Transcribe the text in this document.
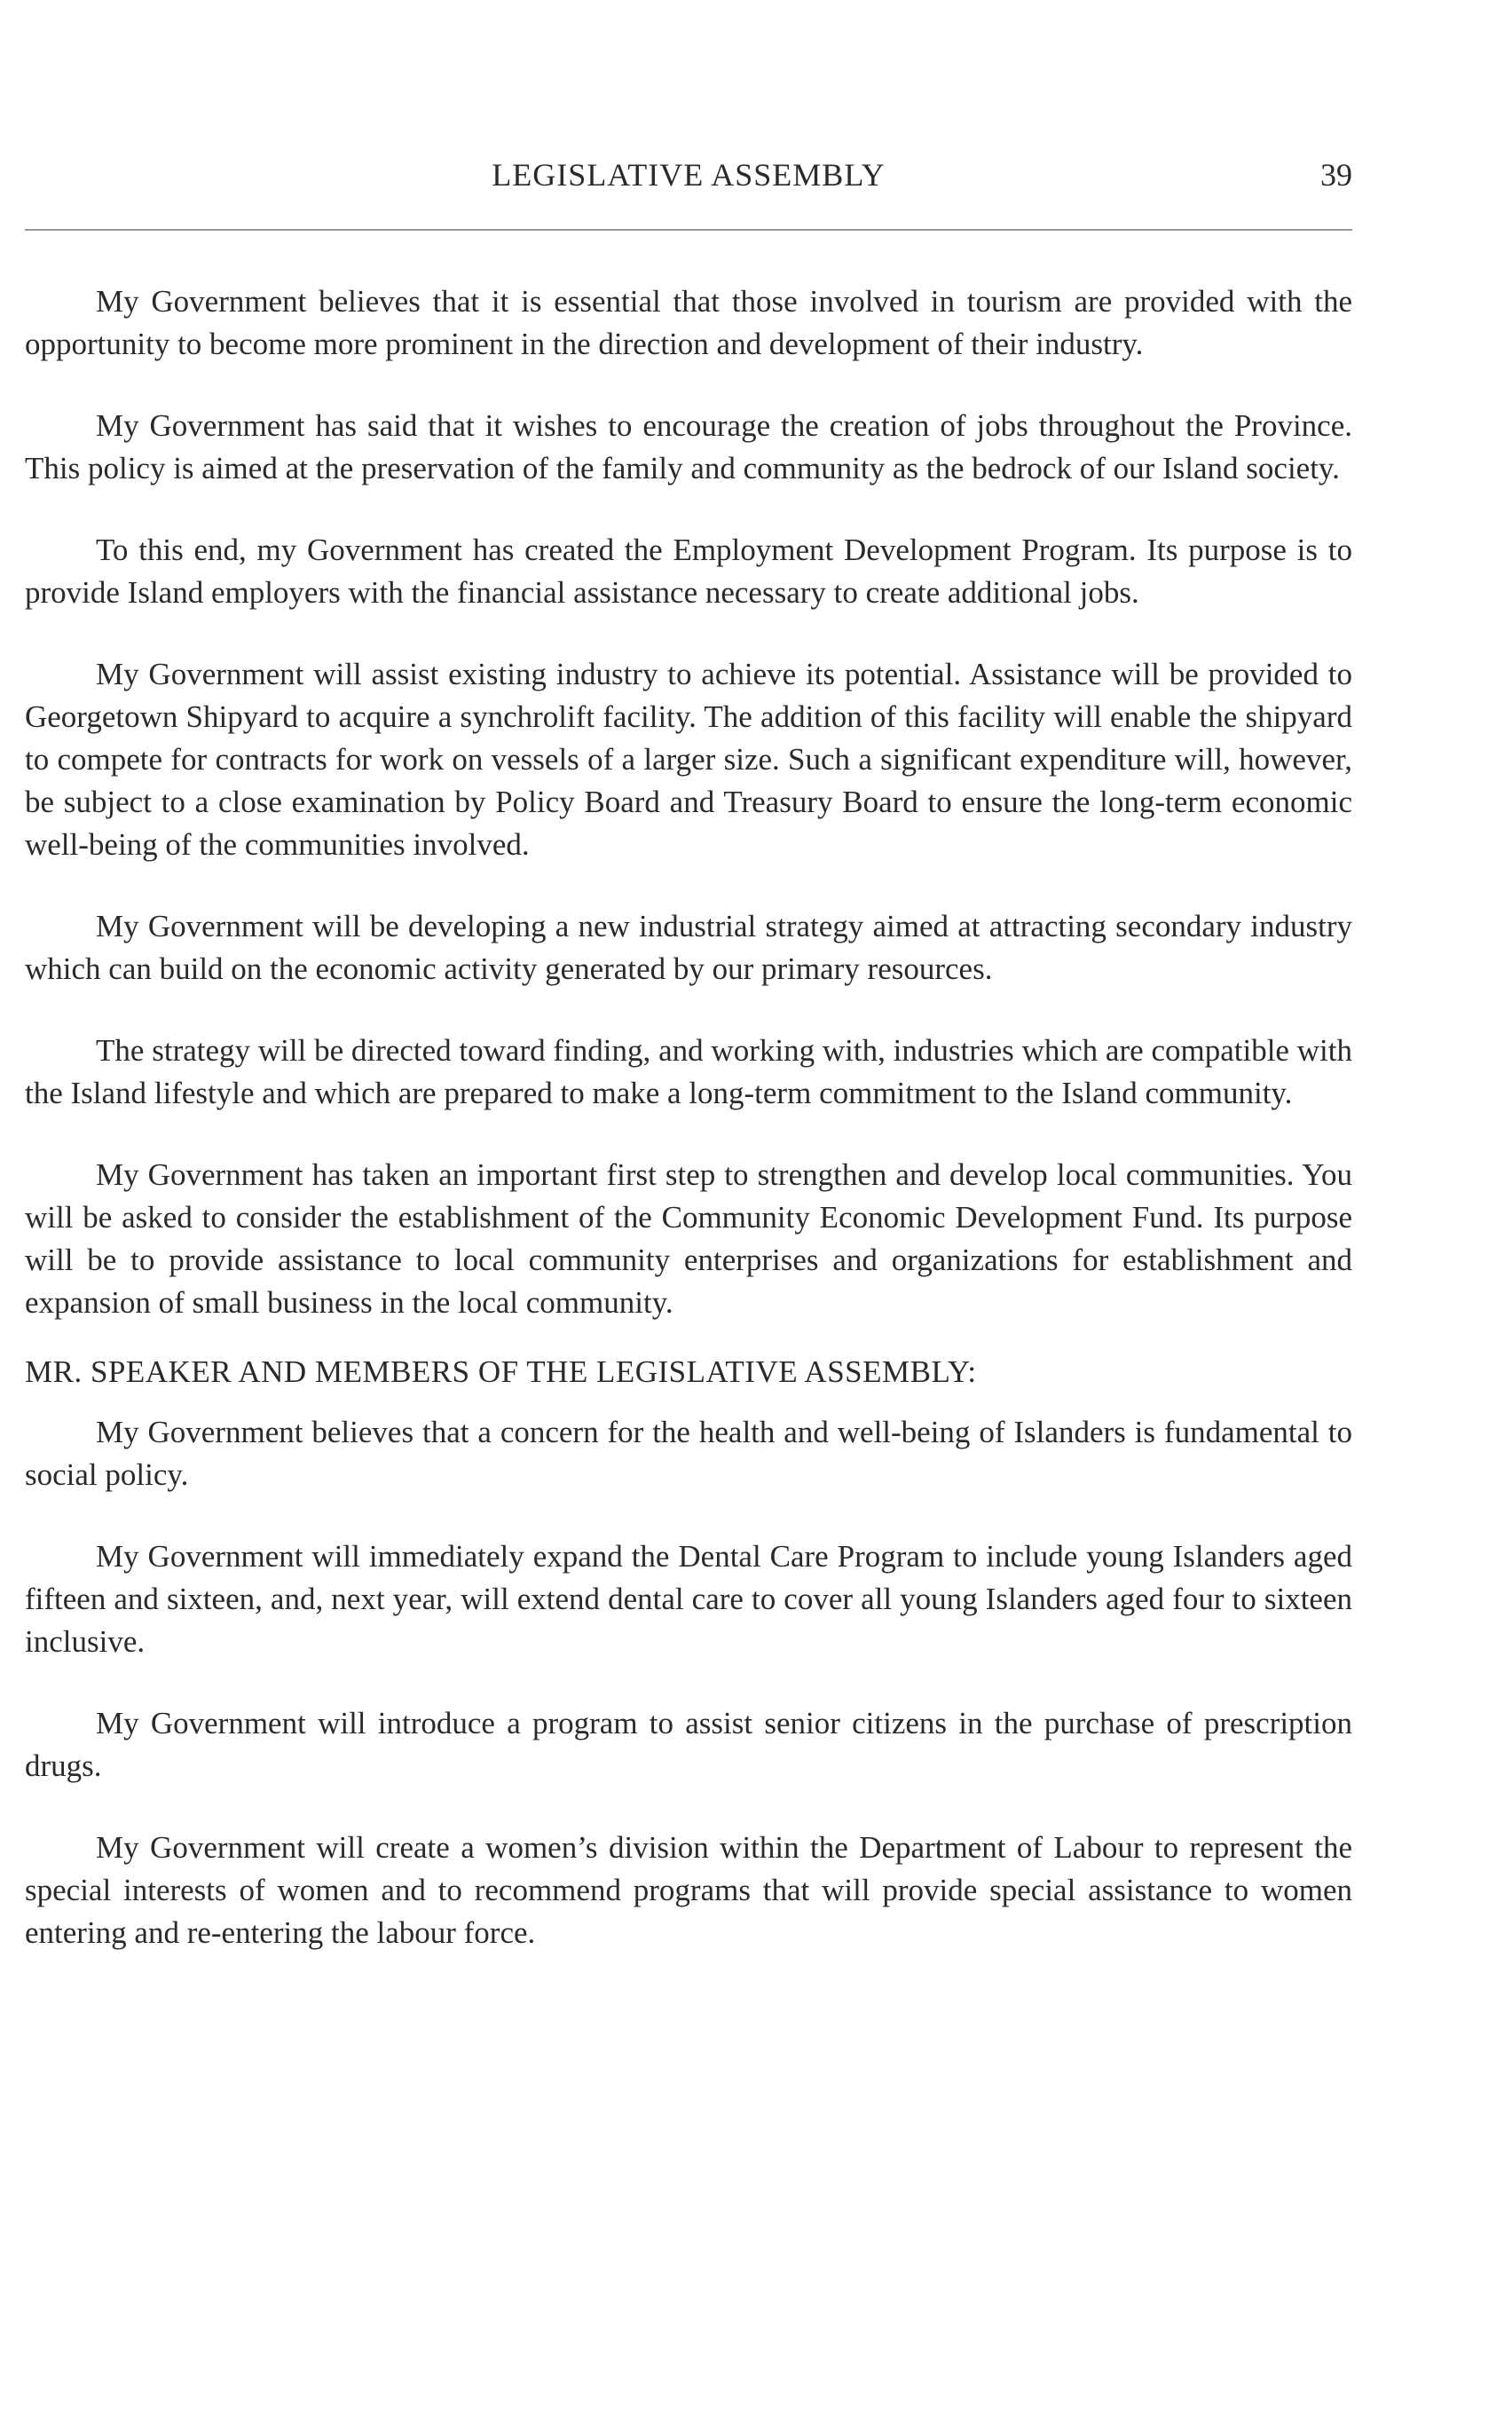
LEGISLATIVE ASSEMBLY	39

My Government believes that it is essential that those involved in tourism are provided with the opportunity to become more prominent in the direction and development of their industry.

My Government has said that it wishes to encourage the creation of jobs throughout the Province. This policy is aimed at the preservation of the family and community as the bedrock of our Island society.

To this end, my Government has created the Employment Development Program. Its purpose is to provide Island employers with the financial assistance necessary to create additional jobs.

My Government will assist existing industry to achieve its potential. Assistance will be provided to Georgetown Shipyard to acquire a synchrolift facility. The addition of this facility will enable the shipyard to compete for contracts for work on vessels of a larger size. Such a significant expenditure will, however, be subject to a close examination by Policy Board and Treasury Board to ensure the long-term economic well-being of the communities involved.

My Government will be developing a new industrial strategy aimed at attracting secondary industry which can build on the economic activity generated by our primary resources.

The strategy will be directed toward finding, and working with, industries which are compatible with the Island lifestyle and which are prepared to make a long-term commitment to the Island community.

My Government has taken an important first step to strengthen and develop local communities. You will be asked to consider the establishment of the Community Economic Development Fund. Its purpose will be to provide assistance to local community enterprises and organizations for establishment and expansion of small business in the local community.

MR. SPEAKER AND MEMBERS OF THE LEGISLATIVE ASSEMBLY:

My Government believes that a concern for the health and well-being of Islanders is fundamental to social policy.

My Government will immediately expand the Dental Care Program to include young Islanders aged fifteen and sixteen, and, next year, will extend dental care to cover all young Islanders aged four to sixteen inclusive.

My Government will introduce a program to assist senior citizens in the purchase of prescription drugs.

My Government will create a women’s division within the Department of Labour to represent the special interests of women and to recommend programs that will provide special assistance to women entering and re-entering the labour force.
